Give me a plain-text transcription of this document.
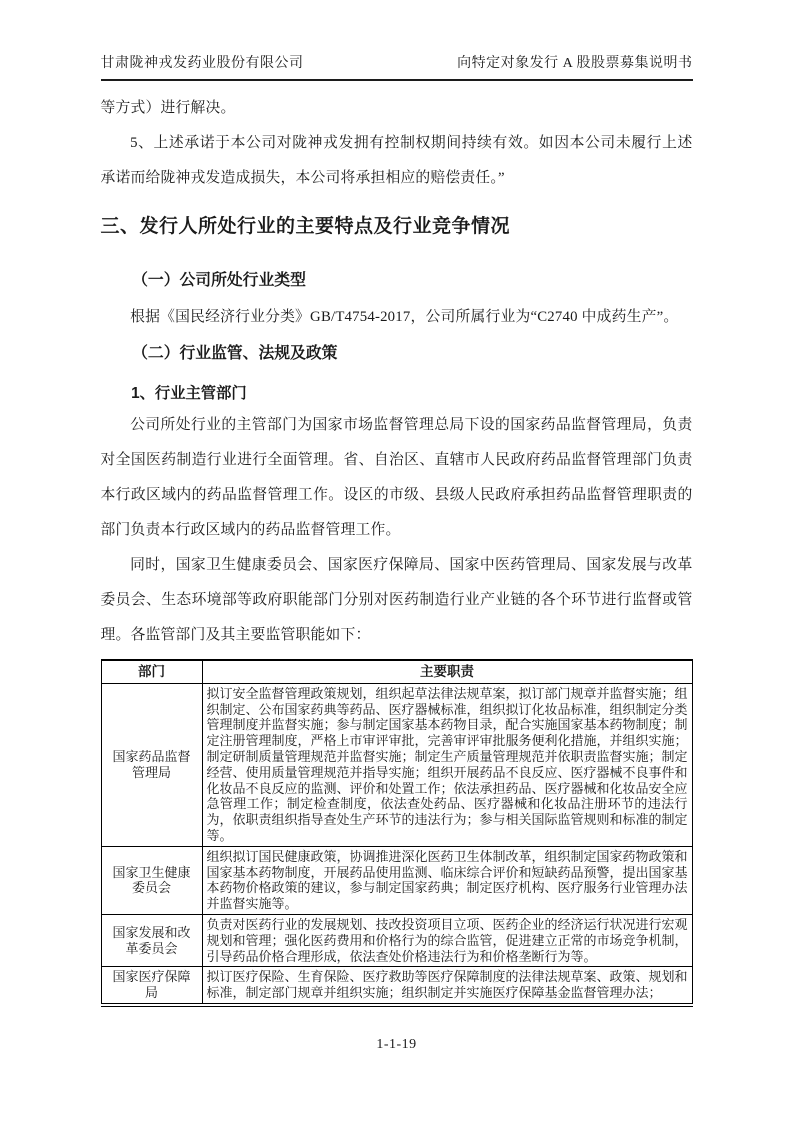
甘肃陇神戎发药业股份有限公司	向特定对象发行 A 股股票募集说明书

等方式）进行解决。

5、上述承诺于本公司对陇神戎发拥有控制权期间持续有效。如因本公司未履行上述承诺而给陇神戎发造成损失，本公司将承担相应的赔偿责任。”

三、发行人所处行业的主要特点及行业竞争情况
（一）公司所处行业类型

根据《国民经济行业分类》GB/T4754-2017，公司所属行业为“C2740 中成药生产”。

（二）行业监管、法规及政策
1、行业主管部门

公司所处行业的主管部门为国家市场监督管理总局下设的国家药品监督管理局，负责对全国医药制造行业进行全面管理。省、自治区、直辖市人民政府药品监督管理部门负责本行政区域内的药品监督管理工作。设区的市级、县级人民政府承担药品监督管理职责的部门负责本行政区域内的药品监督管理工作。

同时，国家卫生健康委员会、国家医疗保障局、国家中医药管理局、国家发展与改革委员会、生态环境部等政府职能部门分别对医药制造行业产业链的各个环节进行监督或管理。各监管部门及其主要监管职能如下：

部门	主要职责
国家药品监督管理局	拟订安全监督管理政策规划，组织起草法律法规草案，拟订部门规章并监督实施；组织制定、公布国家药典等药品、医疗器械标准，组织拟订化妆品标准，组织制定分类管理制度并监督实施；参与制定国家基本药物目录，配合实施国家基本药物制度；制定注册管理制度，严格上市审评审批，完善审评审批服务便利化措施，并组织实施；制定研制质量管理规范并监督实施；制定生产质量管理规范并依职责监督实施；制定经营、使用质量管理规范并指导实施；组织开展药品不良反应、医疗器械不良事件和化妆品不良反应的监测、评价和处置工作；依法承担药品、医疗器械和化妆品安全应急管理工作；制定检查制度，依法查处药品、医疗器械和化妆品注册环节的违法行为，依职责组织指导查处生产环节的违法行为；参与相关国际监管规则和标准的制定等。
国家卫生健康委员会	组织拟订国民健康政策，协调推进深化医药卫生体制改革，组织制定国家药物政策和国家基本药物制度，开展药品使用监测、临床综合评价和短缺药品预警，提出国家基本药物价格政策的建议，参与制定国家药典；制定医疗机构、医疗服务行业管理办法并监督实施等。
国家发展和改革委员会	负责对医药行业的发展规划、技改投资项目立项、医药企业的经济运行状况进行宏观规划和管理；强化医药费用和价格行为的综合监管，促进建立正常的市场竞争机制，引导药品价格合理形成，依法查处价格违法行为和价格垄断行为等。
国家医疗保障局	拟订医疗保险、生育保险、医疗救助等医疗保障制度的法律法规草案、政策、规划和标准，制定部门规章并组织实施；组织制定并实施医疗保障基金监督管理办法；
1-1-19
